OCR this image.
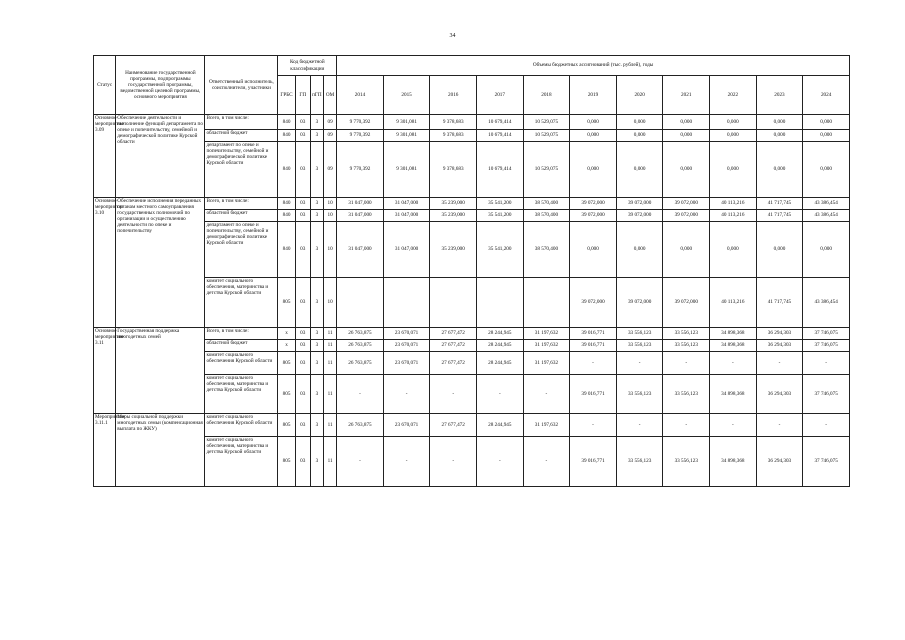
34
Статус	Наименование государственной программы, подпрограммы государственной программы, ведомственной целевой программы, основного мероприятия	Ответственный исполнитель, соисполнители, участники	Код бюджетной классификации				Объемы бюджетных ассигнований (тыс. рублей), годы										
			ГРБС	ГП	пГП	ОМ	2014	2015	2016	2017	2018	2019	2020	2021	2022	2023	2024
Основное мероприятие 3.09	Обеспечение деятельности и выполнение функций департамента по опеке и попечительству, семейной и демографической политике Курской области	Всего, в том числе:	840	03	3	09	9 770,392	9 301,081	9 378,683	10 679,414	10 529,075	0,000	0,000	0,000	0,000	0,000	0,000
		областной бюджет	840	03	3	09	9 770,392	9 301,081	9 378,683	10 679,414	10 529,075	0,000	0,000	0,000	0,000	0,000	0,000
		департамент по опеке и попечительству, семейной и демографической политике Курской области	840	03	3	09	9 770,392	9 301,081	9 378,683	10 679,414	10 529,075	0,000	0,000	0,000	0,000	0,000	0,000
Основное мероприятие 3.10	Обеспечение исполнения переданных органам местного самоуправления государственных полномочий по организации и осуществлению деятельности по опеке и попечительству	Всего, в том числе:	840	03	3	10	31 047,000	31 047,000	35 239,000	35 541,200	38 570,400	39 072,000	39 072,000	39 072,000	40 113,216	41 717,745	43 386,454
		областной бюджет	840	03	3	10	31 047,000	31 047,000	35 239,000	35 541,200	38 570,400	39 072,000	39 072,000	39 072,000	40 113,216	41 717,745	43 386,454
		департамент по опеке и попечительству, семейной и демографической политике Курской области	840	03	3	10	31 047,000	31 047,000	35 239,000	35 541,200	38 570,400	0,000	0,000	0,000	0,000	0,000	0,000
		комитет социального обеспечения, материнства и детства Курской области	805	03	3	10						39 072,000	39 072,000	39 072,000	40 113,216	41 717,745	43 386,454
Основное мероприятие 3.11	Государственная поддержка многодетных семей	Всего, в том числе:	х	03	3	11	26 763,875	23 670,071	27 677,472	28 244,945	31 197,632	39 016,771	33 556,123	33 556,123	34 898,368	36 294,303	37 746,075
		областной бюджет	х	03	3	11	26 763,875	23 670,071	27 677,472	28 244,945	31 197,632	39 016,771	33 556,123	33 556,123	34 898,368	36 294,303	37 746,075
		комитет социального обеспечения Курской области	805	03	3	11	26 763,875	23 670,071	27 677,472	28 244,945	31 197,632	-	-	-	-	-	-
		комитет социального обеспечения, материнства и детства Курской области	805	03	3	11	-	-	-	-	-	39 016,771	33 556,123	33 556,123	34 898,368	36 294,303	37 746,075
Мероприятие 3.11.1	Меры социальной поддержки многодетных семьи (компенсационная выплата по ЖКУ)	комитет социального обеспечения Курской области	805	03	3	11	26 763,875	23 670,071	27 677,472	28 244,945	31 197,632	-	-	-	-	-	-
		комитет социального обеспечения, материнства и детства Курской области	805	03	3	11	-	-	-	-	-	39 016,771	33 556,123	33 556,123	34 898,368	36 294,303	37 746,075
